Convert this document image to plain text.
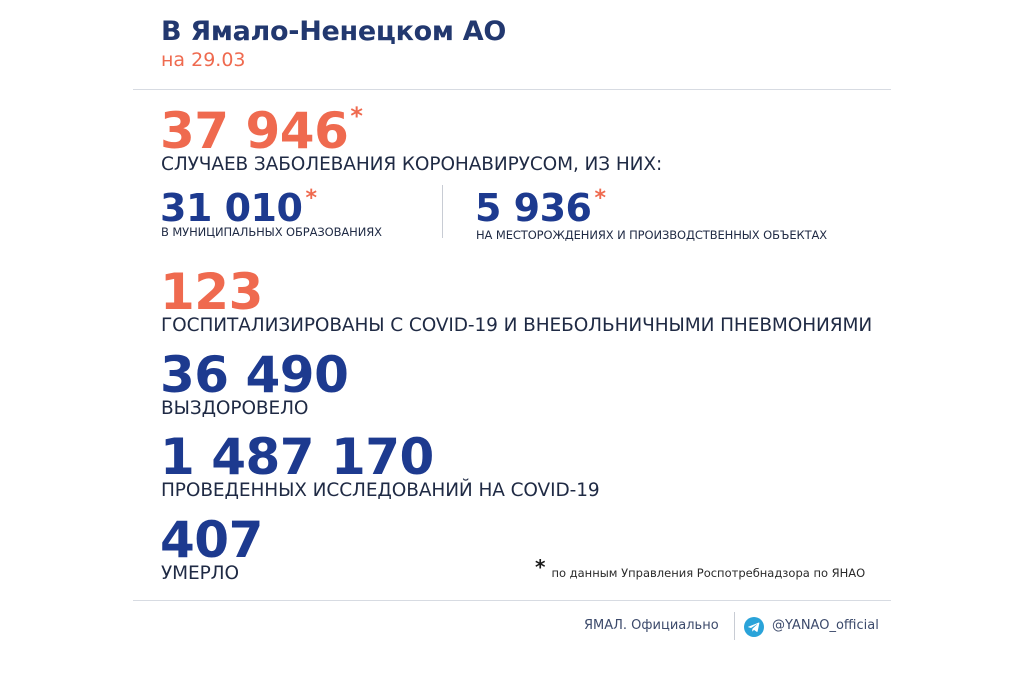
В Ямало-Ненецком АО
на 29.03
37 946*
СЛУЧАЕВ ЗАБОЛЕВАНИЯ КОРОНАВИРУСОМ, ИЗ НИХ:
31 010 *
В МУНИЦИПАЛЬНЫХ ОБРАЗОВАНИЯХ
5 936 *
НА МЕСТОРОЖДЕНИЯХ И ПРОИЗВОДСТВЕННЫХ ОБЪЕКТАХ
123
ГОСПИТАЛИЗИРОВАНЫ С COVID-19 И ВНЕБОЛЬНИЧНЫМИ ПНЕВМОНИЯМИ
36 490
ВЫЗДОРОВЕЛО
1 487 170
ПРОВЕДЕННЫХ ИССЛЕДОВАНИЙ НА COVID-19
407
УМЕРЛО	* по данным Управления Роспотребнадзора по ЯНАО
ЯМАЛ. Официально	@YANAO_official
